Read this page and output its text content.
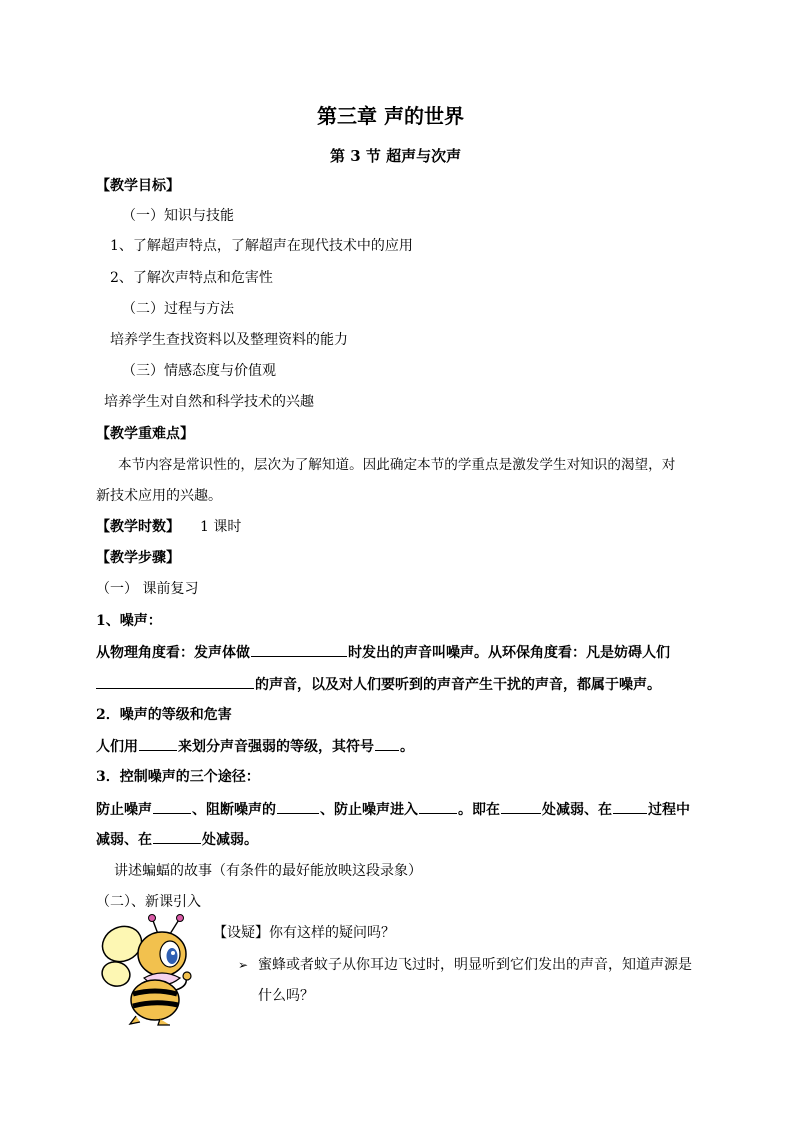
第三章 声的世界
第 3 节 超声与次声
【教学目标】
（一）知识与技能
1、了解超声特点，了解超声在现代技术中的应用
2、了解次声特点和危害性
（二）过程与方法
培养学生查找资料以及整理资料的能力
（三）情感态度与价值观
培养学生对自然和科学技术的兴趣
【教学重难点】
本节内容是常识性的，层次为了解知道。因此确定本节的学重点是激发学生对知识的渴望，对
新技术应用的兴趣。
【教学时数】 1 课时
【教学步骤】
（一） 课前复习
1、噪声：
从物理角度看：发声体做	时发出的声音叫噪声。从环保角度看：凡是妨碍人们
的声音，以及对人们要听到的声音产生干扰的声音，都属于噪声。
2．噪声的等级和危害
人们用	来划分声音强弱的等级，其符号 。
3．控制噪声的三个途径：
防止噪声	、阻断噪声的	、防止噪声进入	。即在	处减弱、在	过程中
减弱、在	处减弱。
讲述蝙蝠的故事（有条件的最好能放映这段录象）
（二）、新课引入
【设疑】你有这样的疑问吗？
➢ 蜜蜂或者蚊子从你耳边飞过时，明显听到它们发出的声音，知道声源是
什么吗？
